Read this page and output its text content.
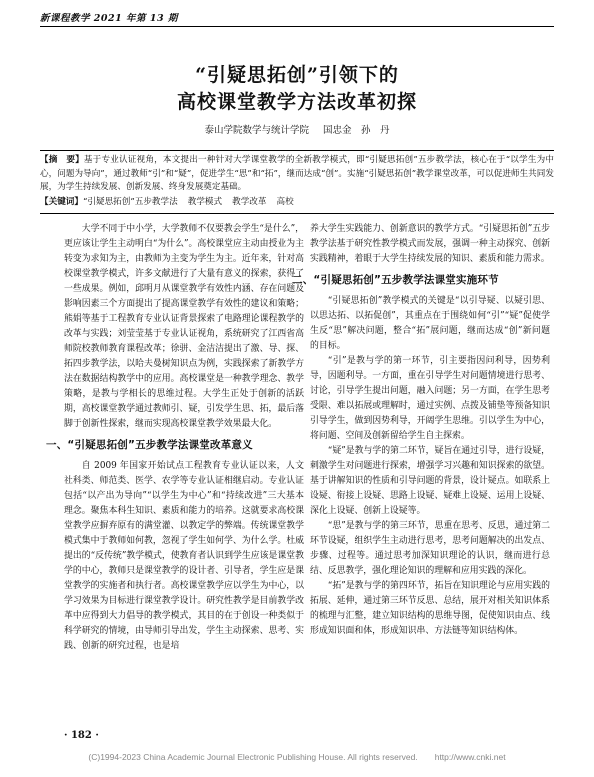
新课程教学 2021 年第 13 期
“引疑思拓创”引领下的
高校课堂教学方法改革初探
泰山学院数学与统计学院 国忠金　孙　丹
【摘　要】基于专业认证视角，本文提出一种针对大学课堂教学的全新教学模式，即“引疑思拓创”五步教学法，核心在于“以学生为中心，问题为导向”，通过教师“引”和“疑”，促进学生“思”和“拓”，继而达成“创”。实施“引疑思拓创”教学课堂改革，可以促进师生共同发展，为学生持续发展、创新发展、终身发展奠定基础。
【关键词】“引疑思拓创”五步教学法 教学模式 教学改革 高校

大学不同于中小学，大学教师不仅要教会学生“是什么”，更应该让学生主动明白“为什么”。高校课堂应主动由授业为主转变为求知为主，由教师为主变为学生为主。近年来，针对高校课堂教学模式，许多文献进行了大量有意义的探索，获得了一些成果。例如，邱明月从课堂教学有效性内涵、存在问题及影响因素三个方面提出了提高课堂教学有效性的建议和策略；熊娟等基于工程教育专业认证背景探索了电路理论课程教学的改革与实践；刘莹莹基于专业认证视角，系统研究了江西省高师院校教师教育课程改革；徐骈、金洁洁提出了激、导、探、拓四步教学法，以哈夫曼树知识点为例，实践探索了新教学方法在数据结构教学中的应用。高校课堂是一种教学理念、教学策略，是教与学相长的思维过程。大学生正处于创新的活跃期，高校课堂教学通过教师引、疑，引发学生思、拓，最后落脚于创新性探索，继而实现高校课堂教学效果最大化。

一、“引疑思拓创”五步教学法课堂改革意义

自 2009 年国家开始试点工程教育专业认证以来，人文社科类、师范类、医学、农学等专业认证相继启动。专业认证包括“以产出为导向”“以学生为中心”和“持续改进”三大基本理念。聚焦本科生知识、素质和能力的培养。这就要求高校课堂教学应摒弃原有的满堂灌、以教定学的弊端。传统课堂教学模式集中于教师如何教，忽视了学生如何学、为什么学。杜威提出的“反传统”教学模式，使教育者认识到学生应该是课堂教学的中心，教师只是课堂教学的设计者、引导者，学生应是课堂教学的实施者和执行者。高校课堂教学应以学生为中心，以学习效果为目标进行课堂教学设计。研究性教学是目前教学改革中应得到大力倡导的教学模式，其目的在于创设一种类似于科学研究的情境，由导师引导出发，学生主动探索、思考、实践、创新的研究过程，也是培

养大学生实践能力、创新意识的教学方式。“引疑思拓创”五步教学法基于研究性教学模式而发展，强调一种主动探究、创新实践精神，着眼于大学生持续发展的知识、素质和能力需求。

二、“引疑思拓创”五步教学法课堂实施环节

“引疑思拓创”教学模式的关键是“以引导疑、以疑引思、以思达拓、以拓促创”，其重点在于围绕如何“引”“疑”促使学生反“思”解决问题，整合“拓”展问题，继而达成“创”新问题的目标。

“引”是教与学的第一环节，引主要指因问利导，因势利导，因题利导。一方面，重在引导学生对问题情境进行思考、讨论，引导学生提出问题，融入问题；另一方面，在学生思考受限、难以拓展或理解时，通过实例、点拨及铺垫等预备知识引导学生，做到因势利导，开阔学生思维。引以学生为中心，将问题、空间及创新留给学生自主探索。

“疑”是教与学的第二环节，疑旨在通过引导，进行设疑，刺激学生对问题进行探索，增强学习兴趣和知识探索的欲望。基于讲解知识的性质和引导问题的背景，设计疑点。如联系上设疑、衔接上设疑、思路上设疑、疑难上设疑、运用上设疑、深化上设疑、创新上设疑等。

“思”是教与学的第三环节，思重在思考、反思，通过第二环节设疑，组织学生主动进行思考，思考问题解决的出发点、步骤、过程等。通过思考加深知识理论的认识，继而进行总结、反思教学，强化理论知识的理解和应用实践的深化。

“拓”是教与学的第四环节，拓旨在知识理论与应用实践的拓展、延伸，通过第三环节反思、总结，展开对相关知识体系的梳理与汇整，建立知识结构的思维导图，促使知识由点、线形成知识面和体，形成知识串、方法链等知识结构体。

· 182 ·
(C)1994-2023 China Academic Journal Electronic Publishing House. All rights reserved.　　http://www.cnki.net
